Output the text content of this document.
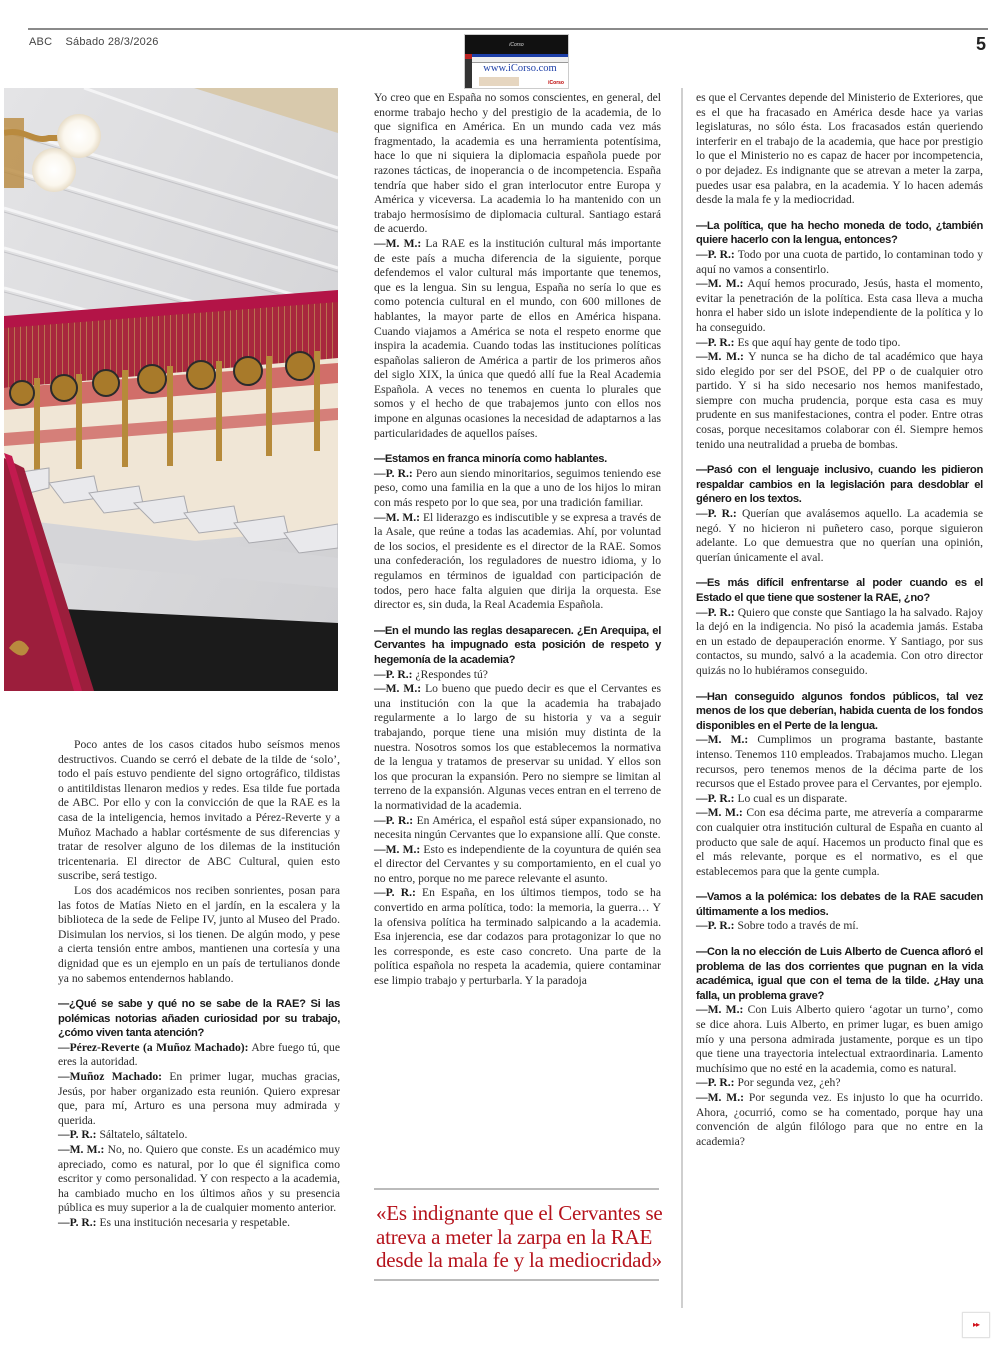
ABC Sábado 28/3/2026	5
iCorso
www.iCorso.com
iCorso

Poco antes de los casos citados hubo seísmos menos destructivos. Cuando se cerró el debate de la tilde de ‘solo’, todo el país estuvo pendiente del signo ortográfico, tildistas o antitildistas llenaron medios y redes. Esa tilde fue portada de ABC. Por ello y con la convicción de que la RAE es la casa de la inteligencia, hemos invitado a Pérez-Reverte y a Muñoz Machado a hablar cortésmente de sus diferencias y tratar de resolver alguno de los dilemas de la institución tricentenaria. El director de ABC Cultural, quien esto suscribe, será testigo.

Los dos académicos nos reciben sonrientes, posan para las fotos de Matías Nieto en el jardín, en la escalera y la biblioteca de la sede de Felipe IV, junto al Museo del Prado. Disimulan los nervios, si los tienen. De algún modo, y pese a cierta tensión entre ambos, mantienen una cortesía y una dignidad que es un ejemplo en un país de tertulianos donde ya no sabemos entendernos hablando.

—¿Qué se sabe y qué no se sabe de la RAE? Si las polémicas notorias añaden curiosidad por su trabajo, ¿cómo viven tanta atención?

—Pérez-Reverte (a Muñoz Machado): Abre fuego tú, que eres la autoridad.

—Muñoz Machado: En primer lugar, muchas gracias, Jesús, por haber organizado esta reunión. Quiero expresar que, para mí, Arturo es una persona muy admirada y querida.

—P. R.: Sáltatelo, sáltatelo.

—M. M.: No, no. Quiero que conste. Es un académico muy apreciado, como es natural, por lo que él significa como escritor y como personalidad. Y con respecto a la academia, ha cambiado mucho en los últimos años y su presencia pública es muy superior a la de cualquier momento anterior.

—P. R.: Es una institución necesaria y respetable.

Yo creo que en España no somos conscientes, en general, del enorme trabajo hecho y del prestigio de la academia, de lo que significa en América. En un mundo cada vez más fragmentado, la academia es una herramienta potentísima, hace lo que ni siquiera la diplomacia española puede por razones tácticas, de inoperancia o de incompetencia. España tendría que haber sido el gran interlocutor entre Europa y América y viceversa. La academia lo ha mantenido con un trabajo hermosísimo de diplomacia cultural. Santiago estará de acuerdo.

—M. M.: La RAE es la institución cultural más importante de este país a mucha diferencia de la siguiente, porque defendemos el valor cultural más importante que tenemos, que es la lengua. Sin su lengua, España no sería lo que es como potencia cultural en el mundo, con 600 millones de hablantes, la mayor parte de ellos en América hispana. Cuando viajamos a América se nota el respeto enorme que inspira la academia. Cuando todas las instituciones políticas españolas salieron de América a partir de los primeros años del siglo XIX, la única que quedó allí fue la Real Academia Española. A veces no tenemos en cuenta lo plurales que somos y el hecho de que trabajemos junto con ellos nos impone en algunas ocasiones la necesidad de adaptarnos a las particularidades de aquellos países.

—Estamos en franca minoría como hablantes.

—P. R.: Pero aun siendo minoritarios, seguimos teniendo ese peso, como una familia en la que a uno de los hijos lo miran con más respeto por lo que sea, por una tradición familiar.

—M. M.: El liderazgo es indiscutible y se expresa a través de la Asale, que reúne a todas las academias. Ahí, por voluntad de los socios, el presidente es el director de la RAE. Somos una confederación, los reguladores de nuestro idioma, y lo regulamos en términos de igualdad con participación de todos, pero hace falta alguien que dirija la orquesta. Ese director es, sin duda, la Real Academia Española.

—En el mundo las reglas desaparecen. ¿En Arequipa, el Cervantes ha impugnado esta posición de respeto y hegemonía de la academia?

—P. R.: ¿Respondes tú?

—M. M.: Lo bueno que puedo decir es que el Cervantes es una institución con la que la academia ha trabajado regularmente a lo largo de su historia y va a seguir trabajando, porque tiene una misión muy distinta de la nuestra. Nosotros somos los que establecemos la normativa de la lengua y tratamos de preservar su unidad. Y ellos son los que procuran la expansión. Pero no siempre se limitan al terreno de la expansión. Algunas veces entran en el terreno de la normatividad de la academia.

—P. R.: En América, el español está súper expansionado, no necesita ningún Cervantes que lo expansione allí. Que conste.

—M. M.: Esto es independiente de la coyuntura de quién sea el director del Cervantes y su comportamiento, en el cual yo no entro, porque no me parece relevante el asunto.

—P. R.: En España, en los últimos tiempos, todo se ha convertido en arma política, todo: la memoria, la guerra… Y la ofensiva política ha terminado salpicando a la academia. Esa injerencia, ese dar codazos para protagonizar lo que no les corresponde, es este caso concreto. Una parte de la política española no respeta la academia, quiere contaminar ese limpio trabajo y perturbarla. Y la paradoja

«Es indignante que el Cervantes se atreva a meter la zarpa en la RAE desde la mala fe y la mediocridad»

es que el Cervantes depende del Ministerio de Exteriores, que es el que ha fracasado en América desde hace ya varias legislaturas, no sólo ésta. Los fracasados están queriendo interferir en el trabajo de la academia, que hace por prestigio lo que el Ministerio no es capaz de hacer por incompetencia, o por dejadez. Es indignante que se atrevan a meter la zarpa, puedes usar esa palabra, en la academia. Y lo hacen además desde la mala fe y la mediocridad.

—La política, que ha hecho moneda de todo, ¿también quiere hacerlo con la lengua, entonces?

—P. R.: Todo por una cuota de partido, lo contaminan todo y aquí no vamos a consentirlo.

—M. M.: Aquí hemos procurado, Jesús, hasta el momento, evitar la penetración de la política. Esta casa lleva a mucha honra el haber sido un islote independiente de la política y lo ha conseguido.

—P. R.: Es que aquí hay gente de todo tipo.

—M. M.: Y nunca se ha dicho de tal académico que haya sido elegido por ser del PSOE, del PP o de cualquier otro partido. Y si ha sido necesario nos hemos manifestado, siempre con mucha prudencia, porque esta casa es muy prudente en sus manifestaciones, contra el poder. Entre otras cosas, porque necesitamos colaborar con él. Siempre hemos tenido una neutralidad a prueba de bombas.

—Pasó con el lenguaje inclusivo, cuando les pidieron respaldar cambios en la legislación para desdoblar el género en los textos.

—P. R.: Querían que avalásemos aquello. La academia se negó. Y no hicieron ni puñetero caso, porque siguieron adelante. Lo que demuestra que no querían una opinión, querían únicamente el aval.

—Es más difícil enfrentarse al poder cuando es el Estado el que tiene que sostener la RAE, ¿no?

—P. R.: Quiero que conste que Santiago la ha salvado. Rajoy la dejó en la indigencia. No pisó la academia jamás. Estaba en un estado de depauperación enorme. Y Santiago, por sus contactos, su mundo, salvó a la academia. Con otro director quizás no lo hubiéramos conseguido.

—Han conseguido algunos fondos públicos, tal vez menos de los que deberían, habida cuenta de los fondos disponibles en el Perte de la lengua.

—M. M.: Cumplimos un programa bastante, bastante intenso. Tenemos 110 empleados. Trabajamos mucho. Llegan recursos, pero tenemos menos de la décima parte de los recursos que el Estado provee para el Cervantes, por ejemplo.

—P. R.: Lo cual es un disparate.

—M. M.: Con esa décima parte, me atrevería a compararme con cualquier otra institución cultural de España en cuanto al producto que sale de aquí. Hacemos un producto final que es el más relevante, porque es el normativo, es el que establecemos para que la gente cumpla.

—Vamos a la polémica: los debates de la RAE sacuden últimamente a los medios.

—P. R.: Sobre todo a través de mí.

—Con la no elección de Luis Alberto de Cuenca afloró el problema de las dos corrientes que pugnan en la vida académica, igual que con el tema de la tilde. ¿Hay una falla, un problema grave?

—M. M.: Con Luis Alberto quiero ‘agotar un turno’, como se dice ahora. Luis Alberto, en primer lugar, es buen amigo mío y una persona admirada justamente, porque es un tipo que tiene una trayectoria intelectual extraordinaria. Lamento muchísimo que no esté en la academia, como es natural.

—P. R.: Por segunda vez, ¿eh?

—M. M.: Por segunda vez. Es injusto lo que ha ocurrido. Ahora, ¿ocurrió, como se ha comentado, porque hay una convención de algún filólogo para que no entre en la academia?

▸▸
